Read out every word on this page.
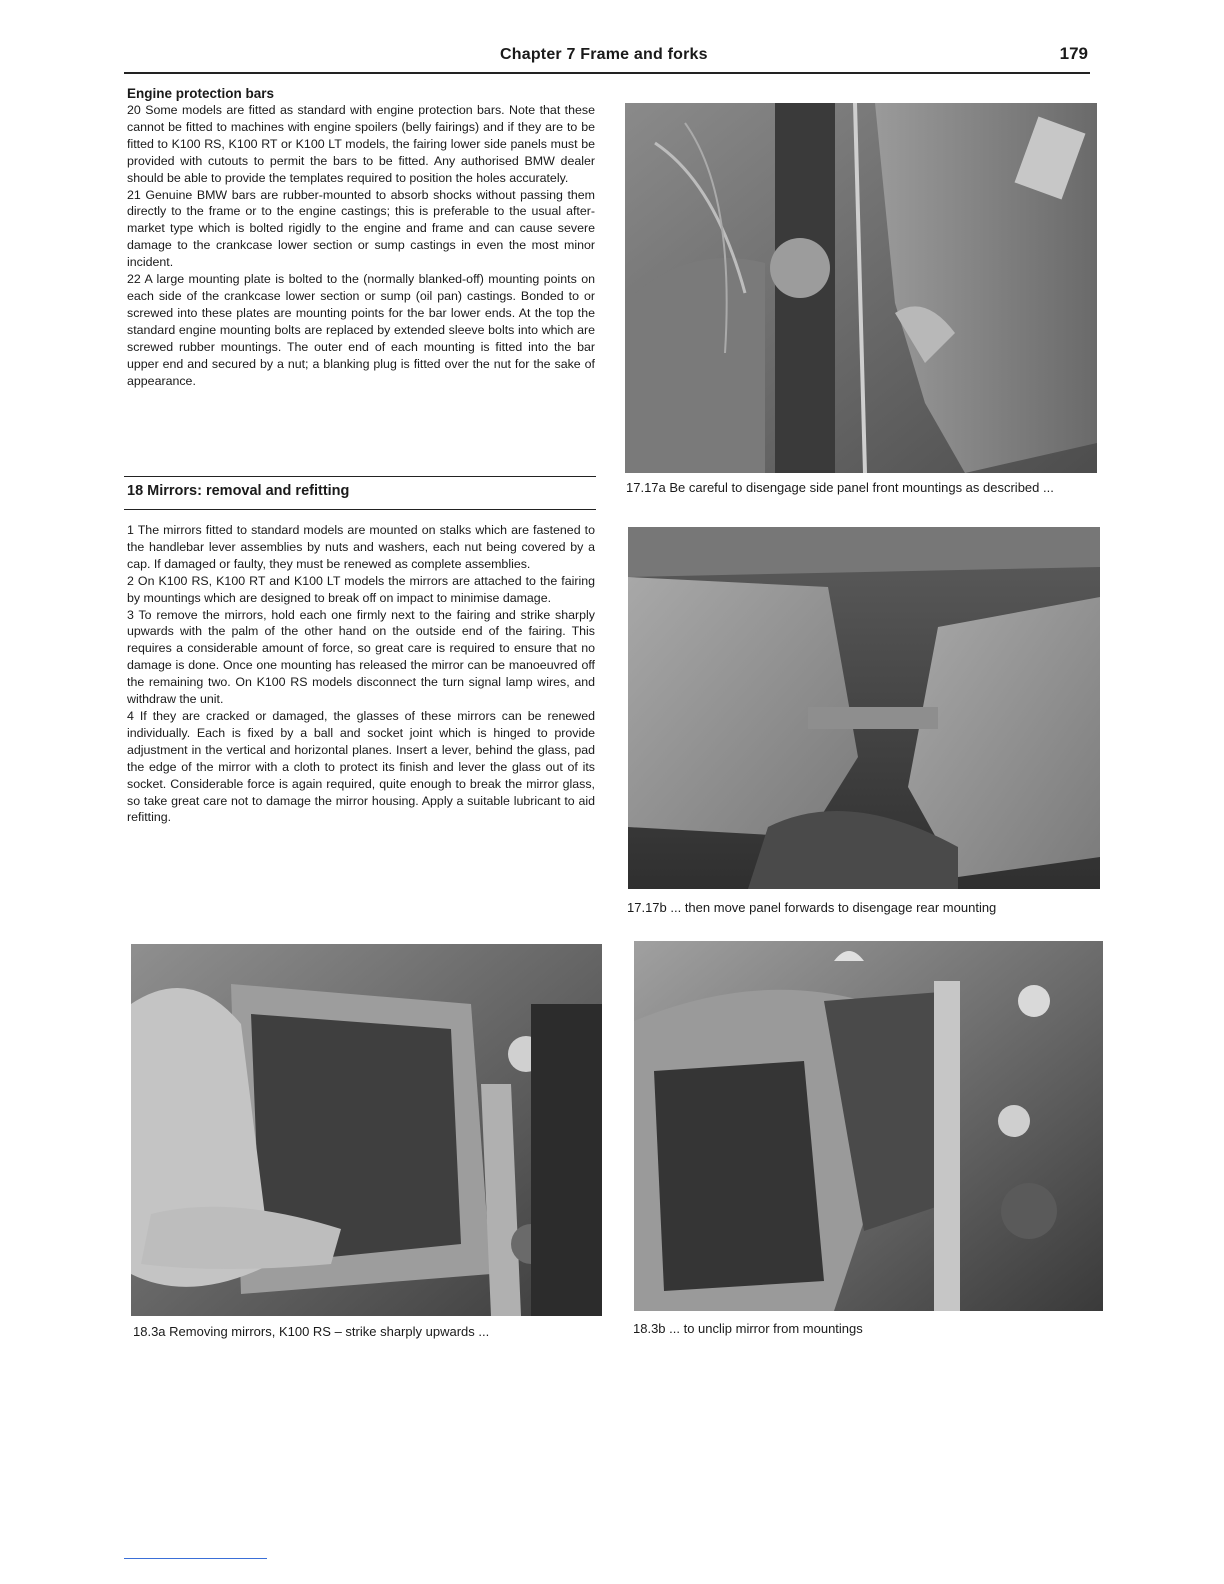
Chapter 7 Frame and forks	179
Engine protection bars

20 Some models are fitted as standard with engine protection bars. Note that these cannot be fitted to machines with engine spoilers (belly fairings) and if they are to be fitted to K100 RS, K100 RT or K100 LT models, the fairing lower side panels must be provided with cutouts to permit the bars to be fitted. Any authorised BMW dealer should be able to provide the templates required to position the holes accurately.

21 Genuine BMW bars are rubber-mounted to absorb shocks without passing them directly to the frame or to the engine castings; this is preferable to the usual after-market type which is bolted rigidly to the engine and frame and can cause severe damage to the crankcase lower section or sump castings in even the most minor incident.

22 A large mounting plate is bolted to the (normally blanked-off) mounting points on each side of the crankcase lower section or sump (oil pan) castings. Bonded to or screwed into these plates are mounting points for the bar lower ends. At the top the standard engine mounting bolts are replaced by extended sleeve bolts into which are screwed rubber mountings. The outer end of each mounting is fitted into the bar upper end and secured by a nut; a blanking plug is fitted over the nut for the sake of appearance.

18 Mirrors: removal and refitting

1 The mirrors fitted to standard models are mounted on stalks which are fastened to the handlebar lever assemblies by nuts and washers, each nut being covered by a cap. If damaged or faulty, they must be renewed as complete assemblies.

2 On K100 RS, K100 RT and K100 LT models the mirrors are attached to the fairing by mountings which are designed to break off on impact to minimise damage.

3 To remove the mirrors, hold each one firmly next to the fairing and strike sharply upwards with the palm of the other hand on the outside end of the fairing. This requires a considerable amount of force, so great care is required to ensure that no damage is done. Once one mounting has released the mirror can be manoeuvred off the remaining two. On K100 RS models disconnect the turn signal lamp wires, and withdraw the unit.

4 If they are cracked or damaged, the glasses of these mirrors can be renewed individually. Each is fixed by a ball and socket joint which is hinged to provide adjustment in the vertical and horizontal planes. Insert a lever, behind the glass, pad the edge of the mirror with a cloth to protect its finish and lever the glass out of its socket. Considerable force is again required, quite enough to break the mirror glass, so take great care not to damage the mirror housing. Apply a suitable lubricant to aid refitting.

17.17a Be careful to disengage side panel front mountings as described ...
17.17b ... then move panel forwards to disengage rear mounting
18.3a Removing mirrors, K100 RS – strike sharply upwards ...	18.3b ... to unclip mirror from mountings
